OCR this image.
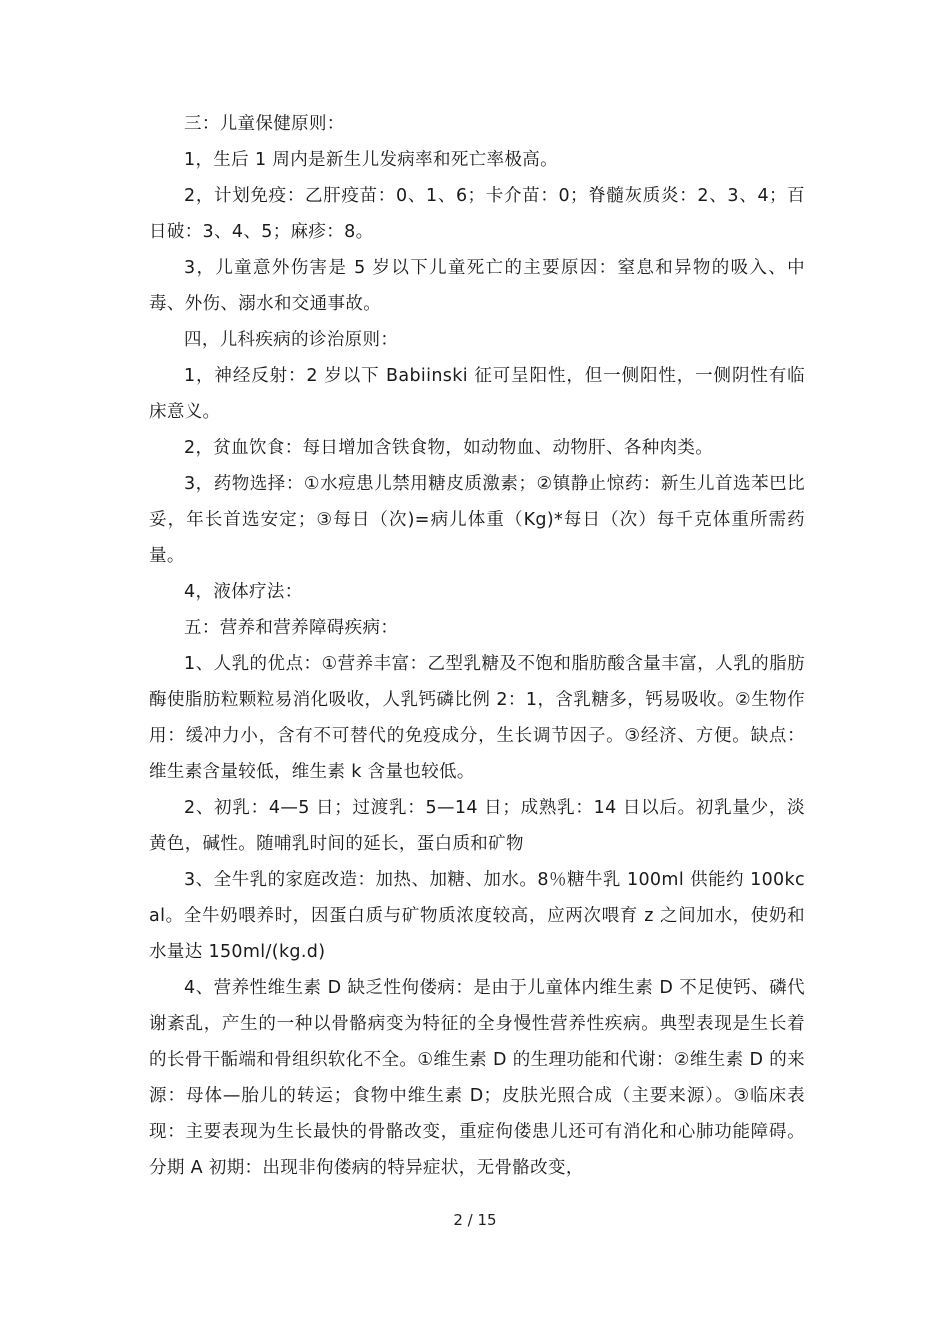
三：儿童保健原则：

1，生后 1 周内是新生儿发病率和死亡率极高。

2，计划免疫：乙肝疫苗：0、1、6；卡介苗：0；脊髓灰质炎：2、3、4；百日破：3、4、5；麻疹：8。

3，儿童意外伤害是 5 岁以下儿童死亡的主要原因：窒息和异物的吸入、中毒、外伤、溺水和交通事故。

四，儿科疾病的诊治原则：

1，神经反射：2 岁以下 Babiinski 征可呈阳性，但一侧阳性，一侧阴性有临床意义。

2，贫血饮食：每日增加含铁食物，如动物血、动物肝、各种肉类。

3，药物选择：①水痘患儿禁用糖皮质激素；②镇静止惊药：新生儿首选苯巴比妥，年长首选安定；③每日（次)=病儿体重（Kg)*每日（次）每千克体重所需药量。

4，液体疗法：

五：营养和营养障碍疾病：

1、人乳的优点：①营养丰富：乙型乳糖及不饱和脂肪酸含量丰富，人乳的脂肪酶使脂肪粒颗粒易消化吸收，人乳钙磷比例 2：1，含乳糖多，钙易吸收。②生物作用：缓冲力小，含有不可替代的免疫成分，生长调节因子。③经济、方便。缺点：维生素含量较低，维生素 k 含量也较低。

2、初乳：4—5 日；过渡乳：5—14 日；成熟乳：14 日以后。初乳量少，淡黄色，碱性。随哺乳时间的延长，蛋白质和矿物

3、全牛乳的家庭改造：加热、加糖、加水。8％糖牛乳 100ml 供能约 100kcal。全牛奶喂养时，因蛋白质与矿物质浓度较高，应两次喂育 z 之间加水，使奶和水量达 150ml/(kg.d)

4、营养性维生素 D 缺乏性佝偻病：是由于儿童体内维生素 D 不足使钙、磷代谢紊乱，产生的一种以骨骼病变为特征的全身慢性营养性疾病。典型表现是生长着的长骨干骺端和骨组织软化不全。①维生素 D 的生理功能和代谢：②维生素 D 的来源：母体—胎儿的转运；食物中维生素 D；皮肤光照合成（主要来源）。③临床表现：主要表现为生长最快的骨骼改变，重症佝偻患儿还可有消化和心肺功能障碍。分期 A 初期：出现非佝偻病的特异症状，无骨骼改变，

2 / 15
